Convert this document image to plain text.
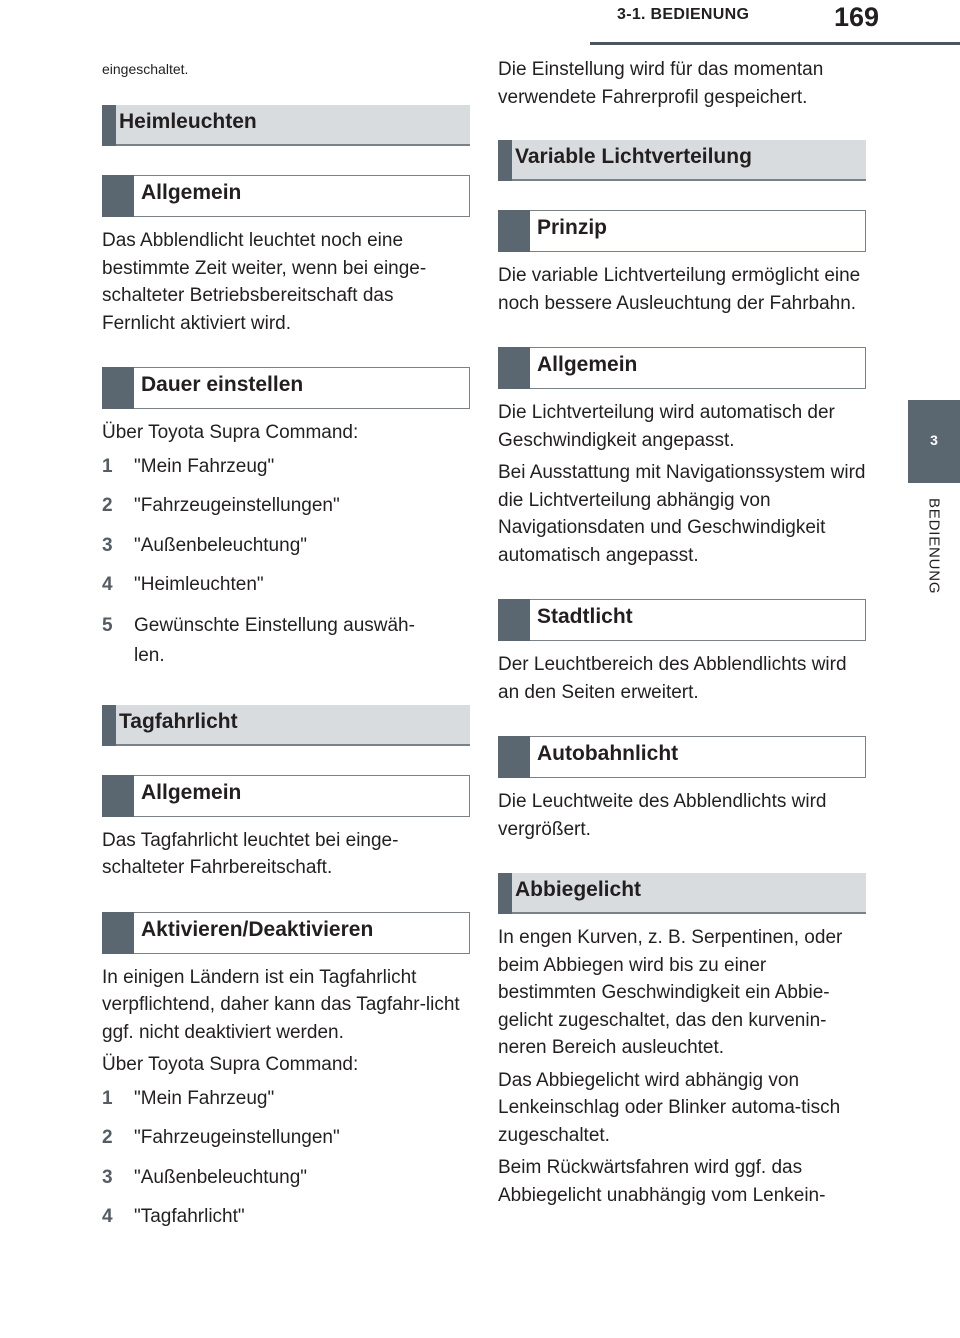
3-1. BEDIENUNG	169
3
BEDIENUNG

eingeschaltet.

Heimleuchten
Allgemein

Das Abblendlicht leuchtet noch eine bestimmte Zeit weiter, wenn bei einge-schalteter Betriebsbereitschaft das Fernlicht aktiviert wird.

Dauer einstellen

Über Toyota Supra Command:

1	"Mein Fahrzeug"
2	"Fahrzeugeinstellungen"
3	"Außenbeleuchtung"
4	"Heimleuchten"
5	Gewünschte Einstellung auswäh-len.
Tagfahrlicht
Allgemein

Das Tagfahrlicht leuchtet bei einge-schalteter Fahrbereitschaft.

Aktivieren/Deaktivieren

In einigen Ländern ist ein Tagfahrlicht verpflichtend, daher kann das Tagfahr-licht ggf. nicht deaktiviert werden.

Über Toyota Supra Command:

1	"Mein Fahrzeug"
2	"Fahrzeugeinstellungen"
3	"Außenbeleuchtung"
4	"Tagfahrlicht"

Die Einstellung wird für das momentan verwendete Fahrerprofil gespeichert.

Variable Lichtverteilung
Prinzip

Die variable Lichtverteilung ermöglicht eine noch bessere Ausleuchtung der Fahrbahn.

Allgemein

Die Lichtverteilung wird automatisch der Geschwindigkeit angepasst.

Bei Ausstattung mit Navigationssystem wird die Lichtverteilung abhängig von Navigationsdaten und Geschwindigkeit automatisch angepasst.

Stadtlicht

Der Leuchtbereich des Abblendlichts wird an den Seiten erweitert.

Autobahnlicht

Die Leuchtweite des Abblendlichts wird vergrößert.

Abbiegelicht

In engen Kurven, z. B. Serpentinen, oder beim Abbiegen wird bis zu einer bestimmten Geschwindigkeit ein Abbie-gelicht zugeschaltet, das den kurvenin-neren Bereich ausleuchtet.

Das Abbiegelicht wird abhängig von Lenkeinschlag oder Blinker automa-tisch zugeschaltet.

Beim Rückwärtsfahren wird ggf. das Abbiegelicht unabhängig vom Lenkein-
